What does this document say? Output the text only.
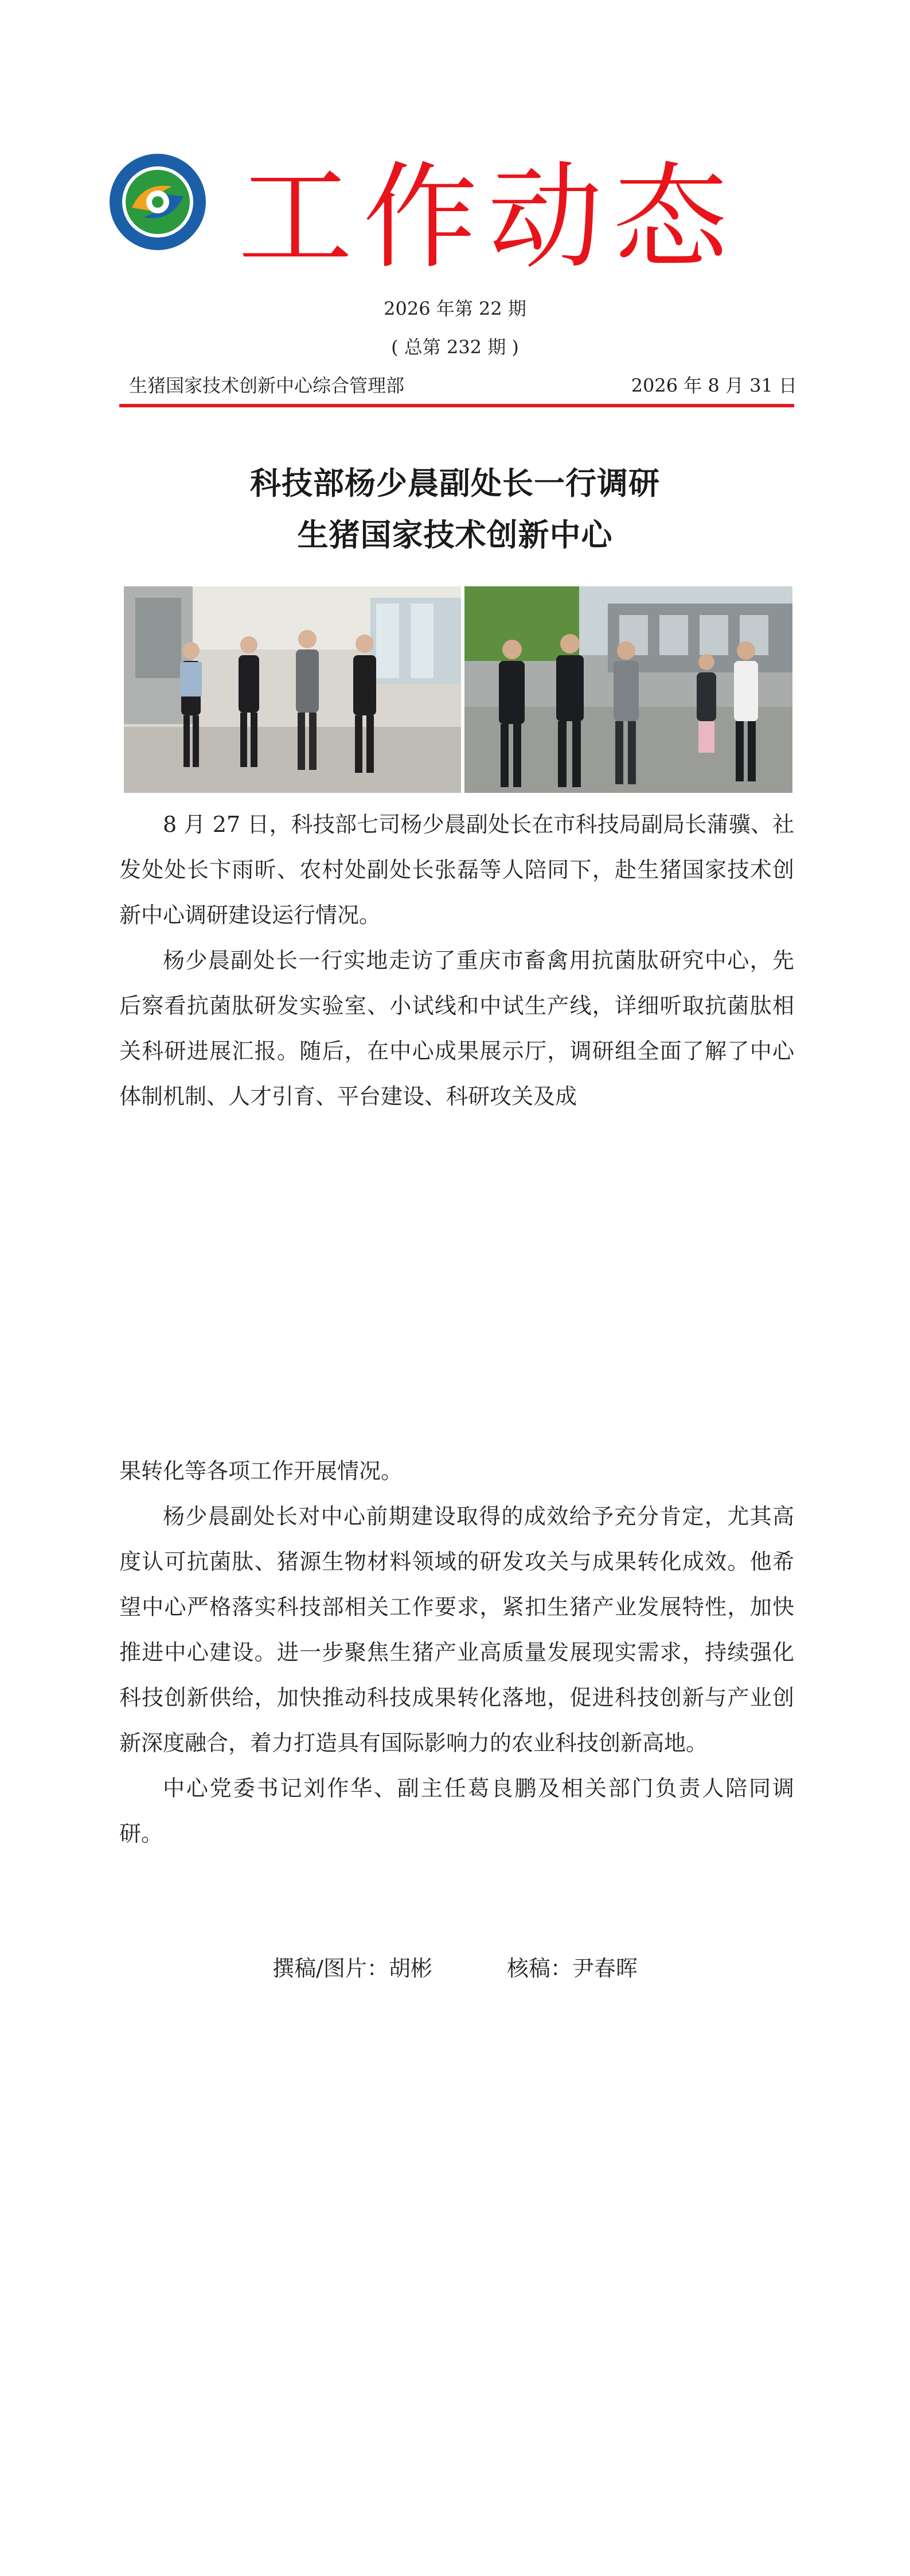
工作动态

2026 年第 22 期

( 总第 232 期 )

生猪国家技术创新中心综合管理部	2026 年 8 月 31 日

科技部杨少晨副处长一行调研
生猪国家技术创新中心

8 月 27 日，科技部七司杨少晨副处长在市科技局副局长蒲骥、社发处处长卞雨昕、农村处副处长张磊等人陪同下，赴生猪国家技术创新中心调研建设运行情况。

杨少晨副处长一行实地走访了重庆市畜禽用抗菌肽研究中心，先后察看抗菌肽研发实验室、小试线和中试生产线，详细听取抗菌肽相关科研进展汇报。随后，在中心成果展示厅，调研组全面了解了中心体制机制、人才引育、平台建设、科研攻关及成

果转化等各项工作开展情况。

杨少晨副处长对中心前期建设取得的成效给予充分肯定，尤其高度认可抗菌肽、猪源生物材料领域的研发攻关与成果转化成效。他希望中心严格落实科技部相关工作要求，紧扣生猪产业发展特性，加快推进中心建设。进一步聚焦生猪产业高质量发展现实需求，持续强化科技创新供给，加快推动科技成果转化落地，促进科技创新与产业创新深度融合，着力打造具有国际影响力的农业科技创新高地。

中心党委书记刘作华、副主任葛良鹏及相关部门负责人陪同调研。

撰稿/图片：胡彬	核稿：尹春晖
